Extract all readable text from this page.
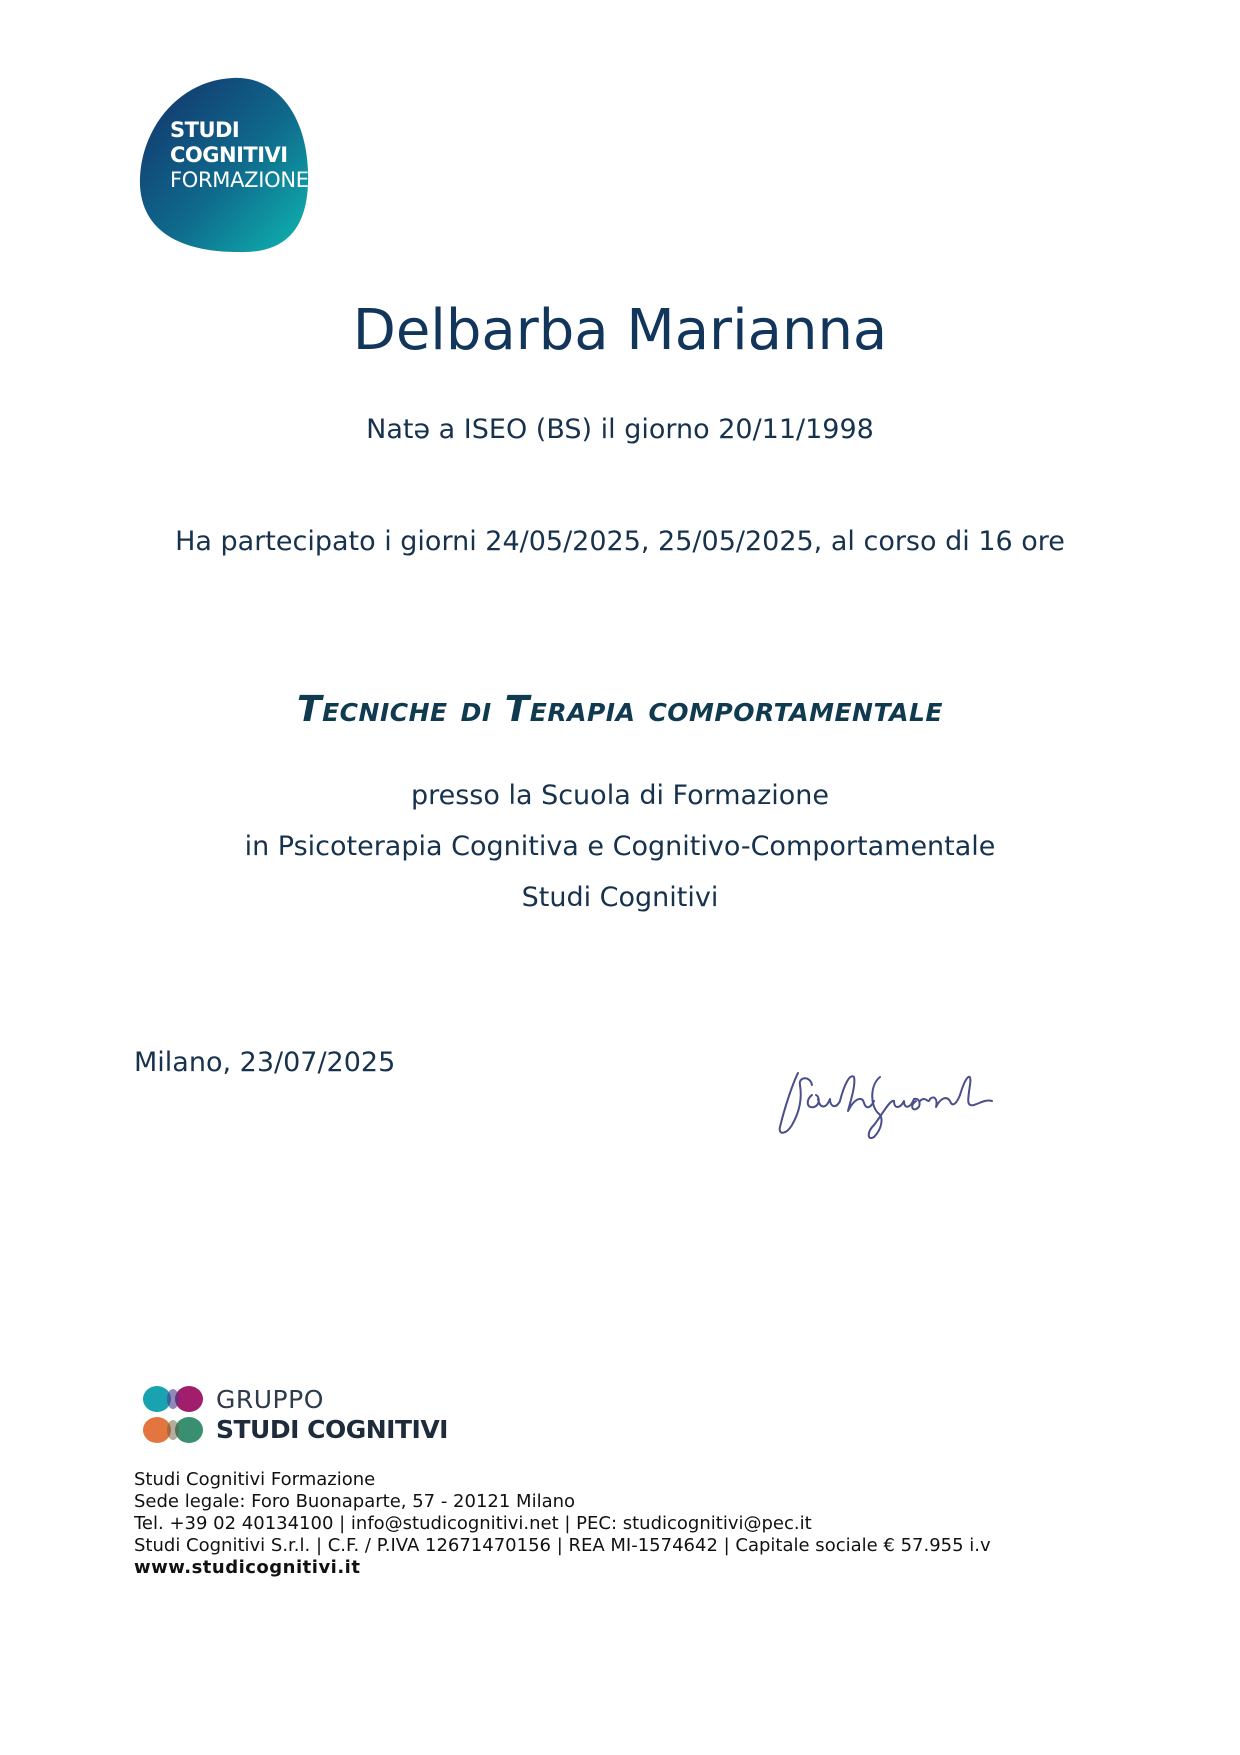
STUDI
COGNITIVI
FORMAZIONE
Delbarba Marianna
Natə a ISEO (BS) il giorno 20/11/1998
Ha partecipato i giorni 24/05/2025, 25/05/2025, al corso di 16 ore
Tecniche di Terapia comportamentale
presso la Scuola di Formazione
in Psicoterapia Cognitiva e Cognitivo-Comportamentale
Studi Cognitivi
Milano, 23/07/2025
GRUPPO
STUDI COGNITIVI
Studi Cognitivi Formazione
Sede legale: Foro Buonaparte, 57 - 20121 Milano
Tel. +39 02 40134100 | info@studicognitivi.net | PEC: studicognitivi@pec.it
Studi Cognitivi S.r.l. | C.F. / P.IVA 12671470156 | REA MI-1574642 | Capitale sociale € 57.955 i.v
www.studicognitivi.it
